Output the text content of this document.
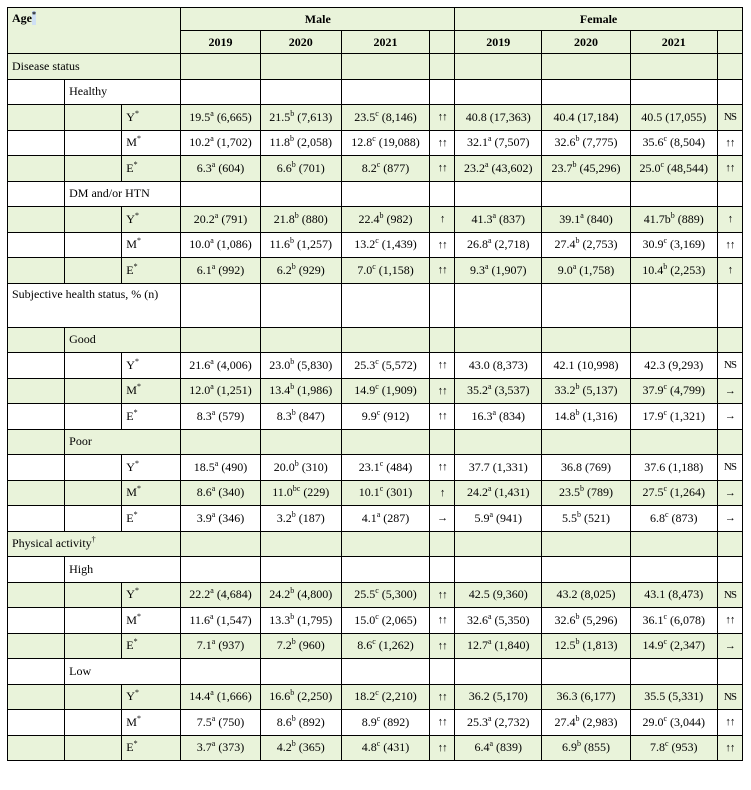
Age*			Male				Female			
			2019	2020	2021		2019	2020	2021	
Disease status										
	Healthy									
		Y*	19.5$^a$ (6,665)	21.5$^b$ (7,613)	23.5$^c$ (8,146)	↑↑	40.8 (17,363)	40.4 (17,184)	40.5 (17,055)	NS
		M*	10.2$^a$ (1,702)	11.8$^b$ (2,058)	12.8$^c$ (19,088)	↑↑	32.1$^a$ (7,507)	32.6$^b$ (7,775)	35.6$^c$ (8,504)	↑↑
		E*	6.3$^a$ (604)	6.6$^b$ (701)	8.2$^c$ (877)	↑↑	23.2$^a$ (43,602)	23.7$^b$ (45,296)	25.0$^c$ (48,544)	↑↑
	DM and/or HTN									
		Y*	20.2$^a$ (791)	21.8$^b$ (880)	22.4$^b$ (982)	↑	41.3$^a$ (837)	39.1$^a$ (840)	$41.7b^b$ (889)	↑
		M*	10.0$^a$ (1,086)	11.6$^b$ (1,257)	13.2$^c$ (1,439)	↑↑	26.8$^a$ (2,718)	27.4$^b$ (2,753)	30.9$^c$ (3,169)	↑↑
		E*	6.1$^a$ (992)	6.2$^b$ (929)	7.0$^c$ (1,158)	↑↑	9.3$^a$ (1,907)	9.0$^a$ (1,758)	10.4$^b$ (2,253)	↑
Subjective health status, % (n)										
	Good									
		Y*	21.6$^a$ (4,006)	23.0$^b$ (5,830)	25.3$^c$ (5,572)	↑↑	43.0 (8,373)	42.1 (10,998)	42.3 (9,293)	NS
		M*	12.0$^a$ (1,251)	13.4$^b$ (1,986)	14.9$^c$ (1,909)	↑↑	35.2$^a$ (3,537)	33.2$^b$ (5,137)	37.9$^c$ (4,799)	→
		E*	8.3$^a$ (579)	8.3$^b$ (847)	9.9$^c$ (912)	↑↑	16.3$^a$ (834)	14.8$^b$ (1,316)	17.9$^c$ (1,321)	→
	Poor									
		Y*	18.5$^a$ (490)	20.0$^b$ (310)	23.1$^c$ (484)	↑↑	37.7 (1,331)	36.8 (769)	37.6 (1,188)	NS
		M*	8.6$^a$ (340)	11.0$^{bc}$ (229)	10.1$^c$ (301)	↑	24.2$^a$ (1,431)	23.5$^b$ (789)	27.5$^c$ (1,264)	→
		E*	3.9$^a$ (346)	3.2$^b$ (187)	4.1$^a$ (287)	→	5.9$^a$ (941)	5.5$^b$ (521)	6.8$^c$ (873)	→
Physical activity†								
	High									
		Y*	22.2$^a$ (4,684)	24.2$^b$ (4,800)	25.5$^c$ (5,300)	↑↑	42.5 (9,360)	43.2 (8,025)	43.1 (8,473)	NS
		M*	11.6$^a$ (1,547)	13.3$^b$ (1,795)	15.0$^c$ (2,065)	↑↑	32.6$^a$ (5,350)	32.6$^b$ (5,296)	36.1$^c$ (6,078)	↑↑
		E*	7.1$^a$ (937)	7.2$^b$ (960)	8.6$^c$ (1,262)	↑↑	12.7$^a$ (1,840)	12.5$^b$ (1,813)	14.9$^c$ (2,347)	→
	Low									
		Y*	14.4$^a$ (1,666)	16.6$^b$ (2,250)	18.2$^c$ (2,210)	↑↑	36.2 (5,170)	36.3 (6,177)	35.5 (5,331)	NS
		M*	7.5$^a$ (750)	8.6$^b$ (892)	8.9$^c$ (892)	↑↑	25.3$^a$ (2,732)	27.4$^b$ (2,983)	29.0$^c$ (3,044)	↑↑
		E*	3.7$^a$ (373)	4.2$^b$ (365)	4.8$^c$ (431)	↑↑	6.4$^a$ (839)	6.9$^b$ (855)	7.8$^c$ (953)	↑↑
